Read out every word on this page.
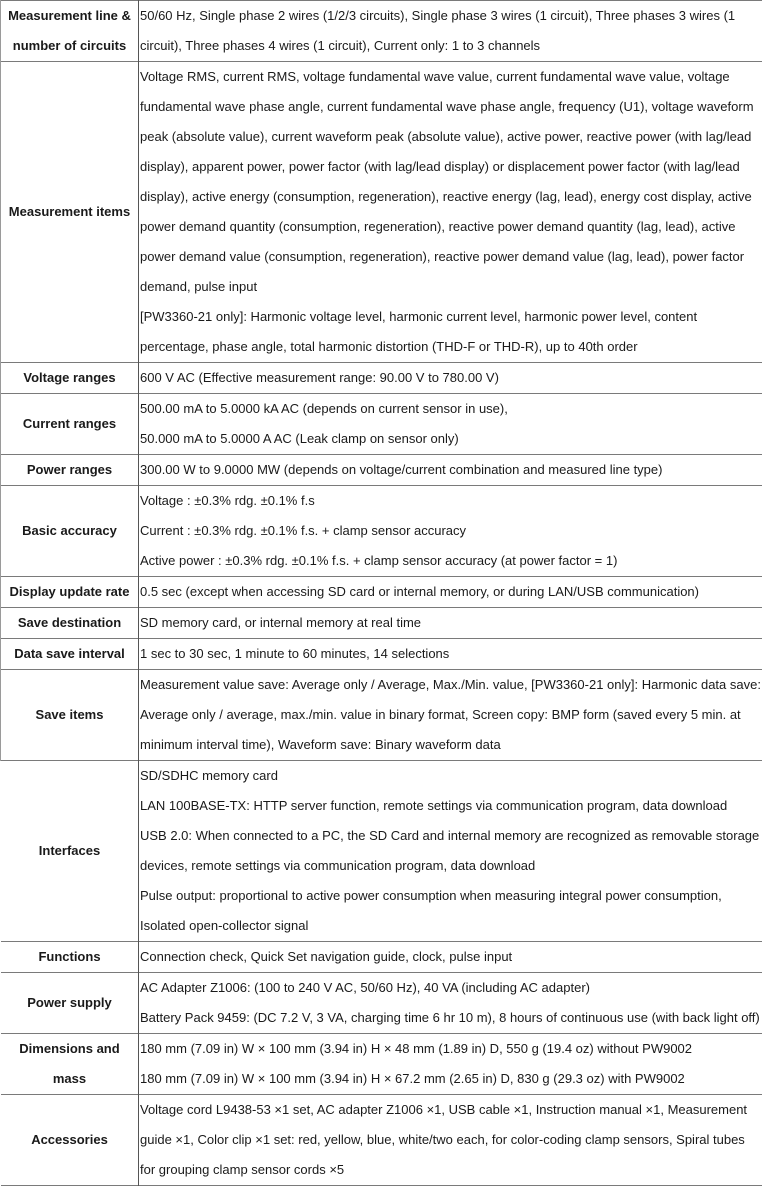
Measurement line & number of circuits	50/60 Hz, Single phase 2 wires (1/2/3 circuits), Single phase 3 wires (1 circuit), Three phases 3 wires (1 circuit), Three phases 4 wires (1 circuit), Current only: 1 to 3 channels

Measurement items	Voltage RMS, current RMS, voltage fundamental wave value, current fundamental wave value, voltage fundamental wave phase angle, current fundamental wave phase angle, frequency (U1), voltage waveform peak (absolute value), current waveform peak (absolute value), active power, reactive power (with lag/lead display), apparent power, power factor (with lag/lead display) or displacement power factor (with lag/lead display), active energy (consumption, regeneration), reactive energy (lag, lead), energy cost display, active power demand quantity (consumption, regeneration), reactive power demand quantity (lag, lead), active power demand value (consumption, regeneration), reactive power demand value (lag, lead), power factor demand, pulse input
[PW3360-21 only]: Harmonic voltage level, harmonic current level, harmonic power level, content percentage, phase angle, total harmonic distortion (THD-F or THD-R), up to 40th order

Voltage ranges	600 V AC (Effective measurement range: 90.00 V to 780.00 V)

Current ranges	500.00 mA to 5.0000 kA AC (depends on current sensor in use),
50.000 mA to 5.0000 A AC (Leak clamp on sensor only)

Power ranges	300.00 W to 9.0000 MW (depends on voltage/current combination and measured line type)

Basic accuracy	Voltage : ±0.3% rdg. ±0.1% f.s
Current : ±0.3% rdg. ±0.1% f.s. + clamp sensor accuracy
Active power : ±0.3% rdg. ±0.1% f.s. + clamp sensor accuracy (at power factor = 1)

Display update rate	0.5 sec (except when accessing SD card or internal memory, or during LAN/USB communication)

Save destination	SD memory card, or internal memory at real time

Data save interval	1 sec to 30 sec, 1 minute to 60 minutes, 14 selections

Save items	Measurement value save: Average only / Average, Max./Min. value, [PW3360-21 only]: Harmonic data save: Average only / average, max./min. value in binary format, Screen copy: BMP form (saved every 5 min. at minimum interval time), Waveform save: Binary waveform data

Interfaces	SD/SDHC memory card
LAN 100BASE-TX: HTTP server function, remote settings via communication program, data download
USB 2.0: When connected to a PC, the SD Card and internal memory are recognized as removable storage devices, remote settings via communication program, data download
Pulse output: proportional to active power consumption when measuring integral power consumption, Isolated open-collector signal

Functions	Connection check, Quick Set navigation guide, clock, pulse input

Power supply	AC Adapter Z1006: (100 to 240 V AC, 50/60 Hz), 40 VA (including AC adapter)
Battery Pack 9459: (DC 7.2 V, 3 VA, charging time 6 hr 10 m), 8 hours of continuous use (with back light off)

Dimensions and mass	180 mm (7.09 in) W × 100 mm (3.94 in) H × 48 mm (1.89 in) D, 550 g (19.4 oz) without PW9002
180 mm (7.09 in) W × 100 mm (3.94 in) H × 67.2 mm (2.65 in) D, 830 g (29.3 oz) with PW9002

Accessories	Voltage cord L9438-53 ×1 set, AC adapter Z1006 ×1, USB cable ×1, Instruction manual ×1, Measurement guide ×1, Color clip ×1 set: red, yellow, blue, white/two each, for color-coding clamp sensors, Spiral tubes for grouping clamp sensor cords ×5
